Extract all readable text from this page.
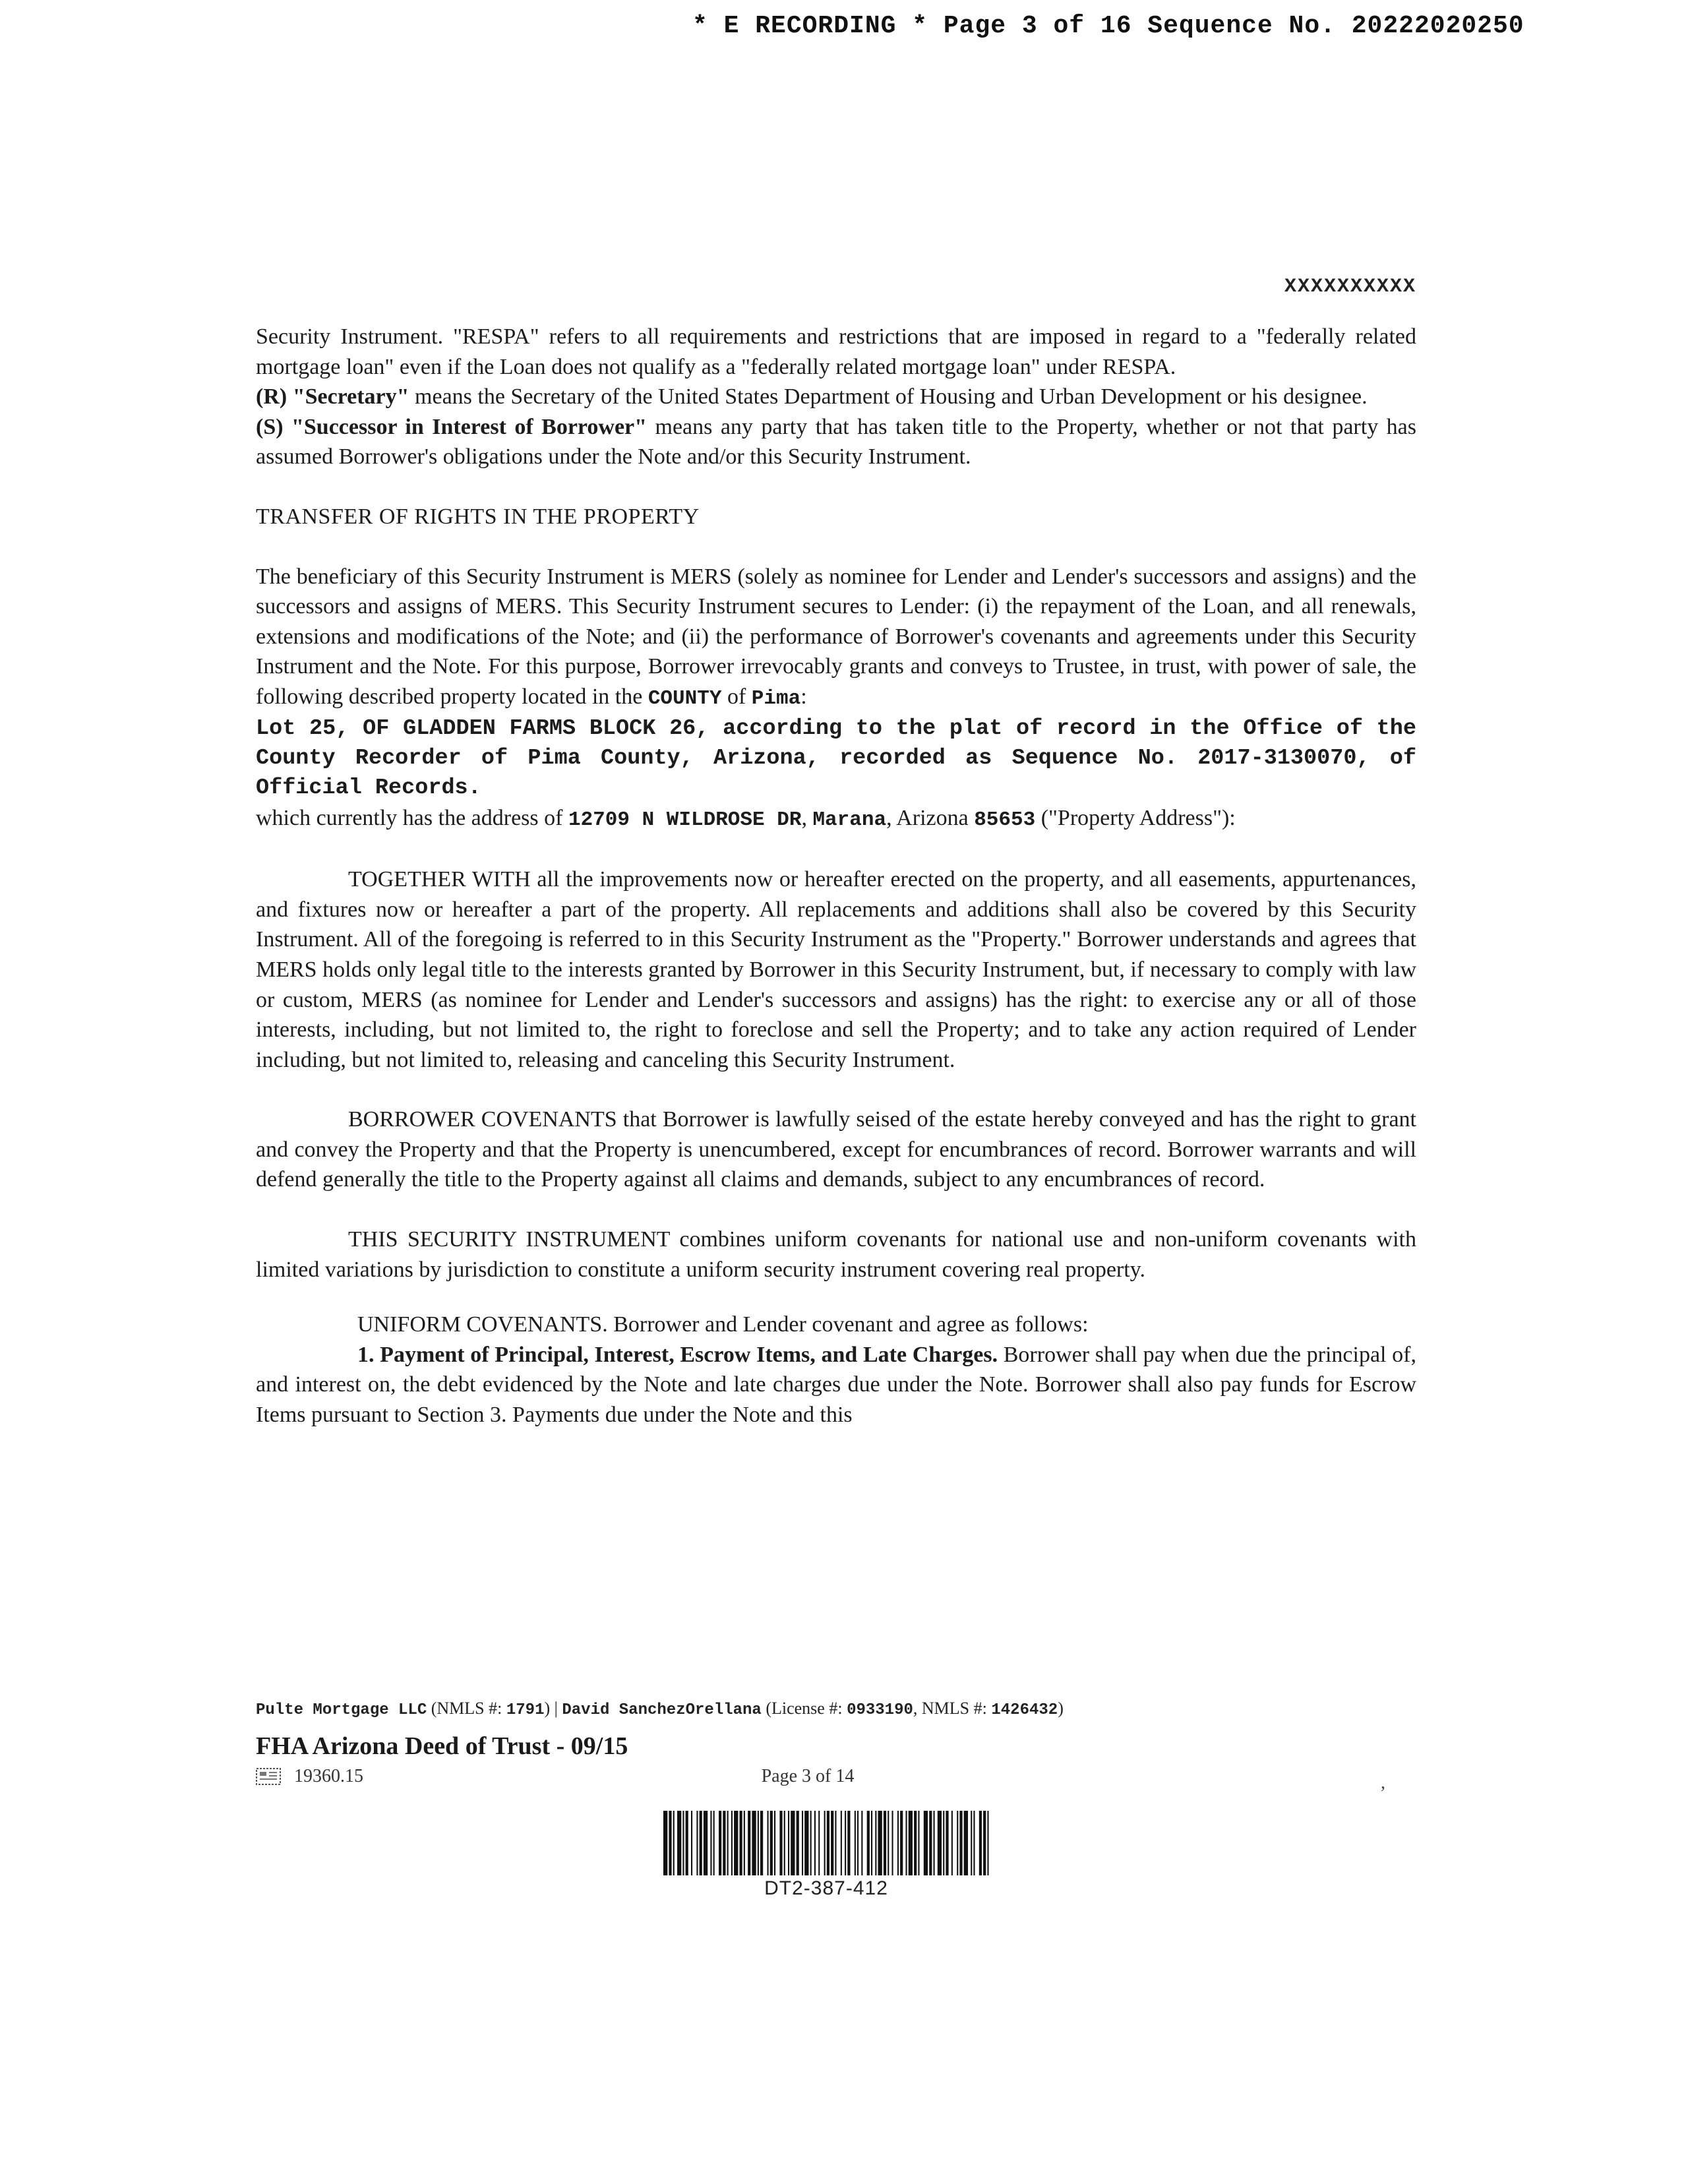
* E RECORDING * Page 3 of 16 Sequence No. 20222020250
XXXXXXXXXX

Security Instrument. "RESPA" refers to all requirements and restrictions that are imposed in regard to a "federally related mortgage loan" even if the Loan does not qualify as a "federally related mortgage loan" under RESPA.

(R) "Secretary" means the Secretary of the United States Department of Housing and Urban Development or his designee.

(S) "Successor in Interest of Borrower" means any party that has taken title to the Property, whether or not that party has assumed Borrower's obligations under the Note and/or this Security Instrument.

TRANSFER OF RIGHTS IN THE PROPERTY

The beneficiary of this Security Instrument is MERS (solely as nominee for Lender and Lender's successors and assigns) and the successors and assigns of MERS. This Security Instrument secures to Lender: (i) the repayment of the Loan, and all renewals, extensions and modifications of the Note; and (ii) the performance of Borrower's covenants and agreements under this Security Instrument and the Note. For this purpose, Borrower irrevocably grants and conveys to Trustee, in trust, with power of sale, the following described property located in the COUNTY of Pima:

Lot 25, OF GLADDEN FARMS BLOCK 26, according to the plat of record in the Office of the County Recorder of Pima County, Arizona, recorded as Sequence No. 2017-3130070, of Official Records.

which currently has the address of 12709 N WILDROSE DR, Marana, Arizona 85653 ("Property Address"):

TOGETHER WITH all the improvements now or hereafter erected on the property, and all easements, appurtenances, and fixtures now or hereafter a part of the property. All replacements and additions shall also be covered by this Security Instrument. All of the foregoing is referred to in this Security Instrument as the "Property." Borrower understands and agrees that MERS holds only legal title to the interests granted by Borrower in this Security Instrument, but, if necessary to comply with law or custom, MERS (as nominee for Lender and Lender's successors and assigns) has the right: to exercise any or all of those interests, including, but not limited to, the right to foreclose and sell the Property; and to take any action required of Lender including, but not limited to, releasing and canceling this Security Instrument.

BORROWER COVENANTS that Borrower is lawfully seised of the estate hereby conveyed and has the right to grant and convey the Property and that the Property is unencumbered, except for encumbrances of record. Borrower warrants and will defend generally the title to the Property against all claims and demands, subject to any encumbrances of record.

THIS SECURITY INSTRUMENT combines uniform covenants for national use and non-uniform covenants with limited variations by jurisdiction to constitute a uniform security instrument covering real property.

UNIFORM COVENANTS. Borrower and Lender covenant and agree as follows:

1. Payment of Principal, Interest, Escrow Items, and Late Charges. Borrower shall pay when due the principal of, and interest on, the debt evidenced by the Note and late charges due under the Note. Borrower shall also pay funds for Escrow Items pursuant to Section 3. Payments due under the Note and this

Pulte Mortgage LLC (NMLS #: 1791) | David SanchezOrellana (License #: 0933190, NMLS #: 1426432)
FHA Arizona Deed of Trust - 09/15
19360.15	Page 3 of 14	,
DT2-387-412
